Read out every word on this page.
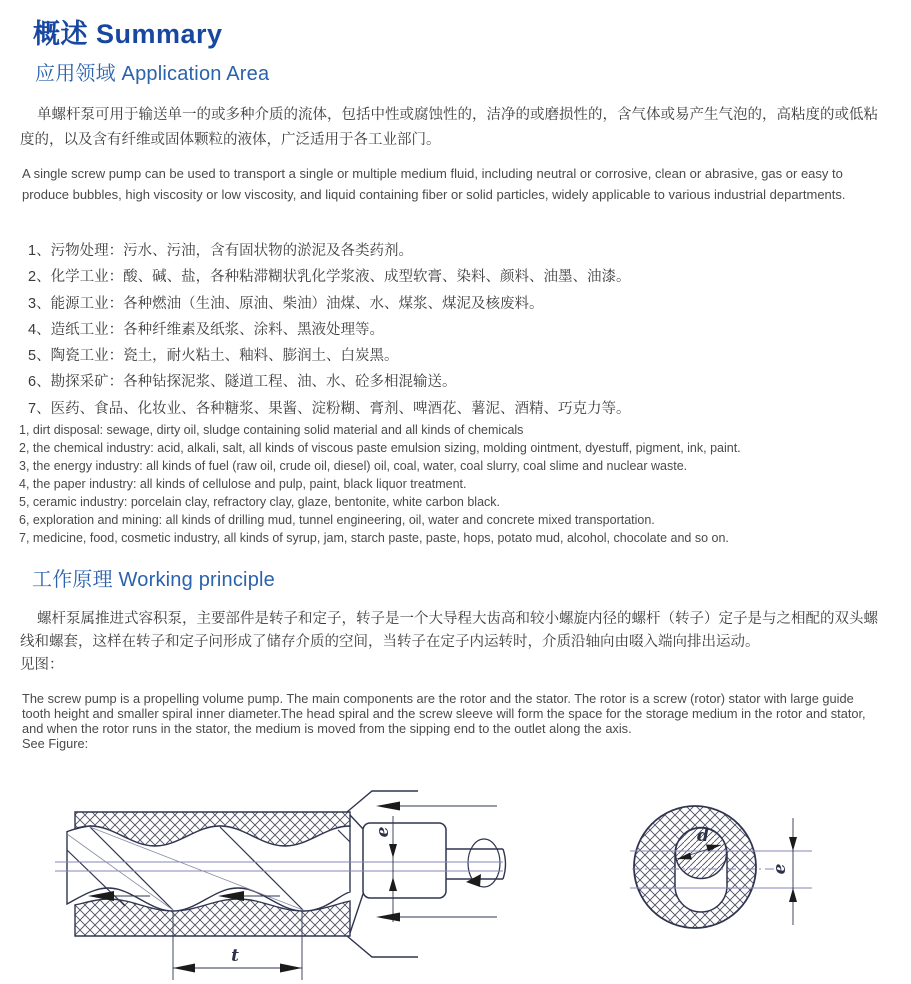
概述 Summary
应用领域 Application Area
单螺杆泵可用于输送单一的或多种介质的流体，包括中性或腐蚀性的，洁净的或磨损性的，含气体或易产生气泡的，高粘度的或低粘度的，以及含有纤维或固体颗粒的液体，广泛适用于各工业部门。
A single screw pump can be used to transport a single or multiple medium fluid, including neutral or corrosive, clean or abrasive, gas or easy to produce bubbles, high viscosity or low viscosity, and liquid containing fiber or solid particles, widely applicable to various industrial departments.
1、污物处理：污水、污油，含有固状物的淤泥及各类药剂。
2、化学工业：酸、碱、盐，各种粘滞糊状乳化学浆液、成型软膏、染料、颜料、油墨、油漆。
3、能源工业：各种燃油（生油、原油、柴油）油煤、水、煤浆、煤泥及核废料。
4、造纸工业：各种纤维素及纸浆、涂料、黑液处理等。
5、陶瓷工业：瓷土，耐火粘土、釉料、膨润土、白炭黑。
6、勘探采矿：各种钻探泥浆、隧道工程、油、水、砼多相混输送。
7、医药、食品、化妆业、各种糖浆、果酱、淀粉糊、膏剂、啤酒花、薯泥、酒精、巧克力等。
1, dirt disposal: sewage, dirty oil, sludge containing solid material and all kinds of chemicals
2, the chemical industry: acid, alkali, salt, all kinds of viscous paste emulsion sizing, molding ointment, dyestuff, pigment, ink, paint.
3, the energy industry: all kinds of fuel (raw oil, crude oil, diesel) oil, coal, water, coal slurry, coal slime and nuclear waste.
4, the paper industry: all kinds of cellulose and pulp, paint, black liquor treatment.
5, ceramic industry: porcelain clay, refractory clay, glaze, bentonite, white carbon black.
6, exploration and mining: all kinds of drilling mud, tunnel engineering, oil, water and concrete mixed transportation.
7, medicine, food, cosmetic industry, all kinds of syrup, jam, starch paste, paste, hops, potato mud, alcohol, chocolate and so on.
工作原理 Working principle
螺杆泵属推进式容积泵，主要部件是转子和定子，转子是一个大导程大齿高和较小螺旋内径的螺杆（转子）定子是与之相配的双头螺线和螺套，这样在转子和定子问形成了储存介质的空间，当转子在定子内运转时，介质沿轴向由啜入端向排出运动。
见图：
The screw pump is a propelling volume pump. The main components are the rotor and the stator. The rotor is a screw (rotor) stator with large guide tooth height and smaller spiral inner diameter.The head spiral and the screw sleeve will form the space for the storage medium in the rotor and stator, and when the rotor runs in the stator, the medium is moved from the sipping end to the outlet along the axis.
See Figure:
e
t
d
e
